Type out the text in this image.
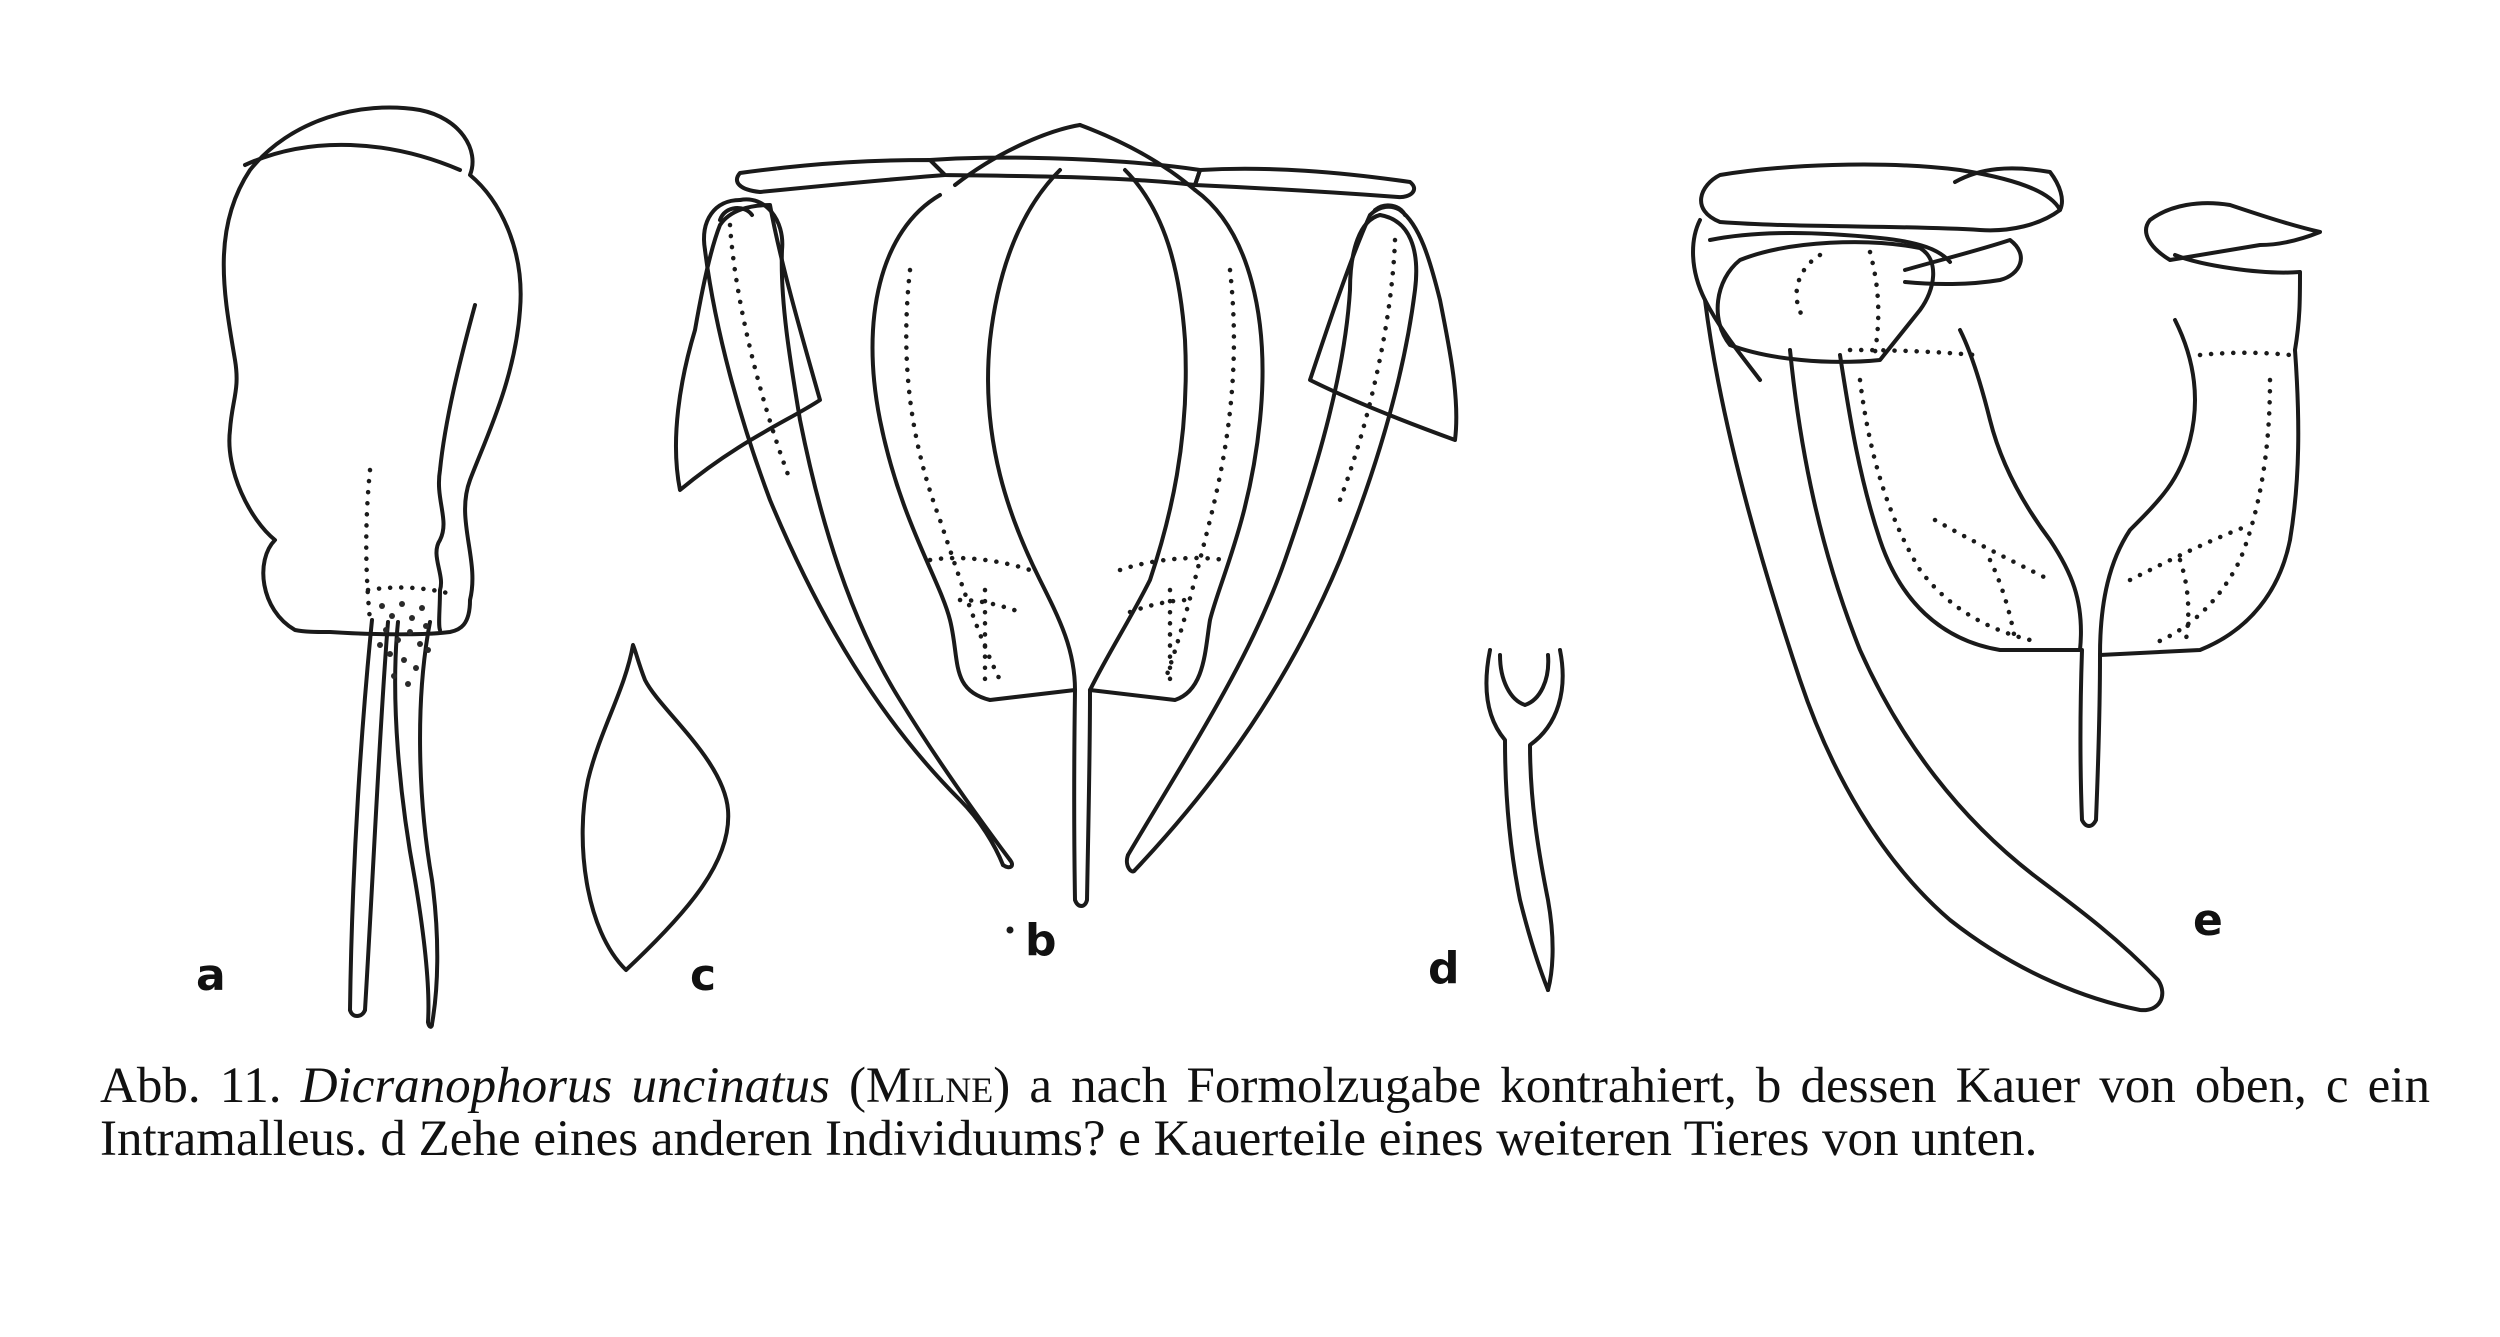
a	c
b
d
e
Abb. 11. Dicranophorus uncinatus (Milne) a nach Formolzugabe kontrahiert, b dessen Kauer von oben, c ein Intramalleus. d Zehe eines anderen Individuums? e Kauerteile eines weiteren Tieres von unten.
